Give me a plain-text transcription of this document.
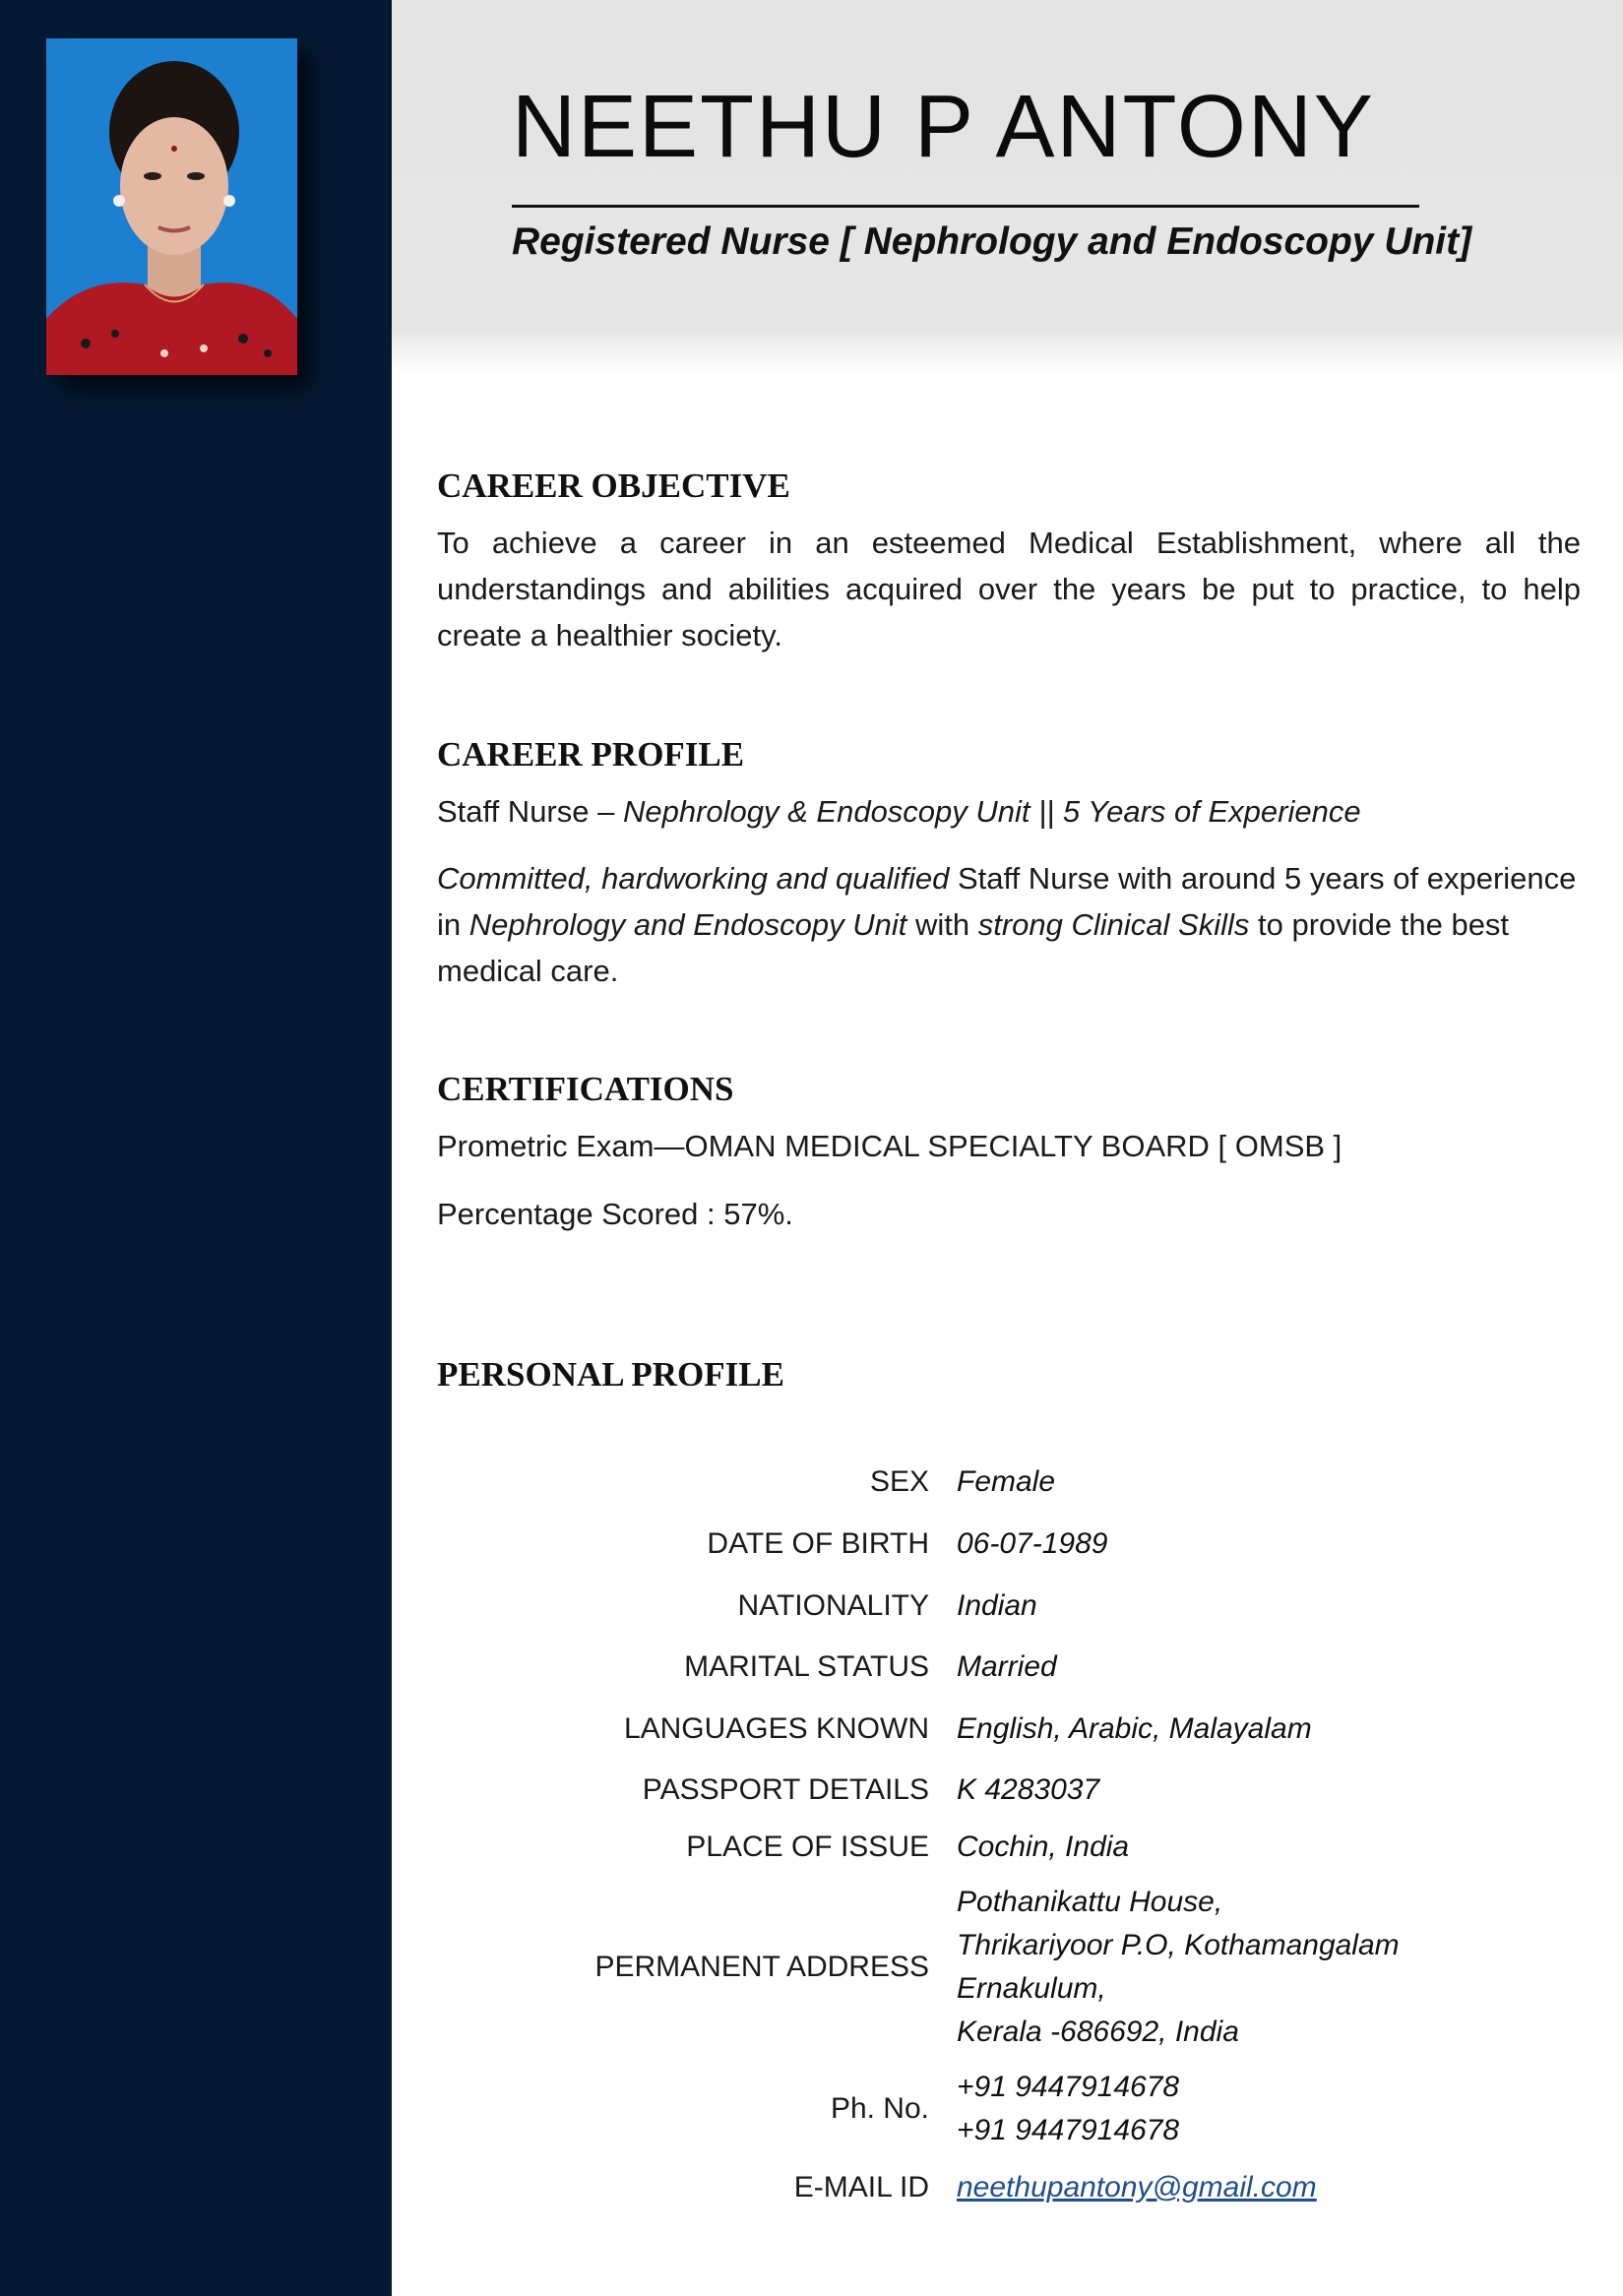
NEETHU P ANTONY

Registered Nurse [ Nephrology and Endoscopy Unit]

CAREER OBJECTIVE

To achieve a career in an esteemed Medical Establishment, where all the understandings and abilities acquired over the years be put to practice, to help create a healthier society.

CAREER PROFILE

Staff Nurse – Nephrology & Endoscopy Unit || 5 Years of Experience

Committed, hardworking and qualified Staff Nurse with around 5 years of experience in Nephrology and Endoscopy Unit with strong Clinical Skills to provide the best medical care.

CERTIFICATIONS

Prometric Exam—OMAN MEDICAL SPECIALTY BOARD [ OMSB ]

Percentage Scored : 57%.

PERSONAL PROFILE
SEX	Female
DATE OF BIRTH	06-07-1989
NATIONALITY	Indian
MARITAL STATUS	Married
LANGUAGES KNOWN	English, Arabic, Malayalam
PASSPORT DETAILS	K 4283037
PLACE OF ISSUE	Cochin, India
PERMANENT ADDRESS	Pothanikattu House,
Thrikariyoor P.O, Kothamangalam
Ernakulum,
Kerala -686692, India

Ph. No.	+91 9447914678
+91 9447914678

E-MAIL ID	neethupantony@gmail.com
